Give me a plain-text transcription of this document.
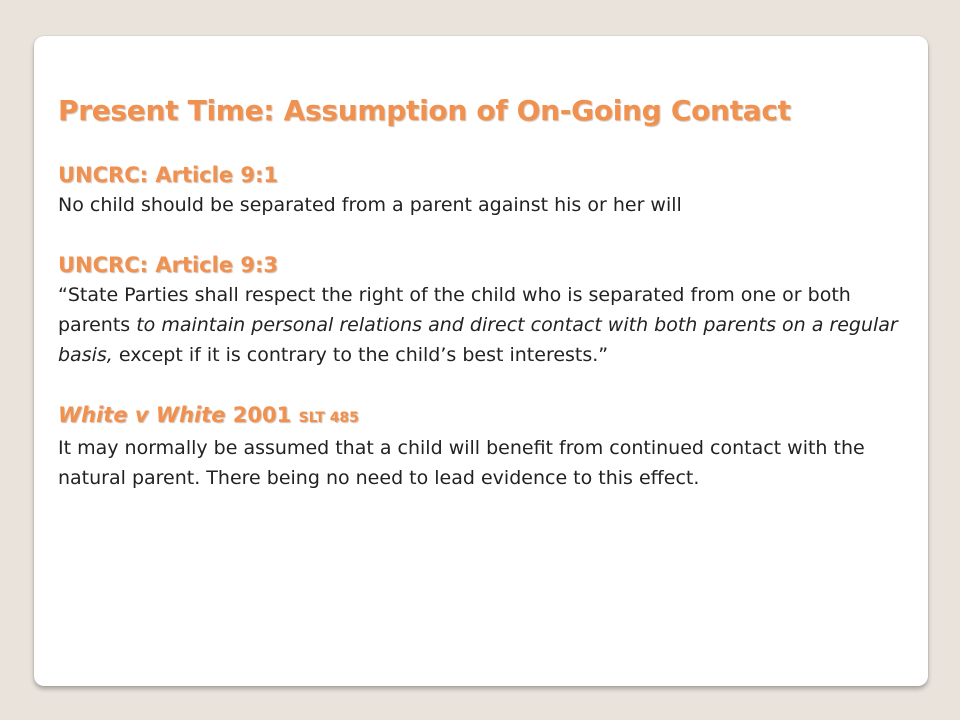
Present Time: Assumption of On-Going Contact
UNCRC: Article 9:1
No child should be separated from a parent against his or her will
UNCRC: Article 9:3
“State Parties shall respect the right of the child who is separated from one or both parents to maintain personal relations and direct contact with both parents on a regular basis, except if it is contrary to the child’s best interests.”
White v White 2001 SLT 485
It may normally be assumed that a child will benefit from continued contact with the natural parent. There being no need to lead evidence to this effect.
